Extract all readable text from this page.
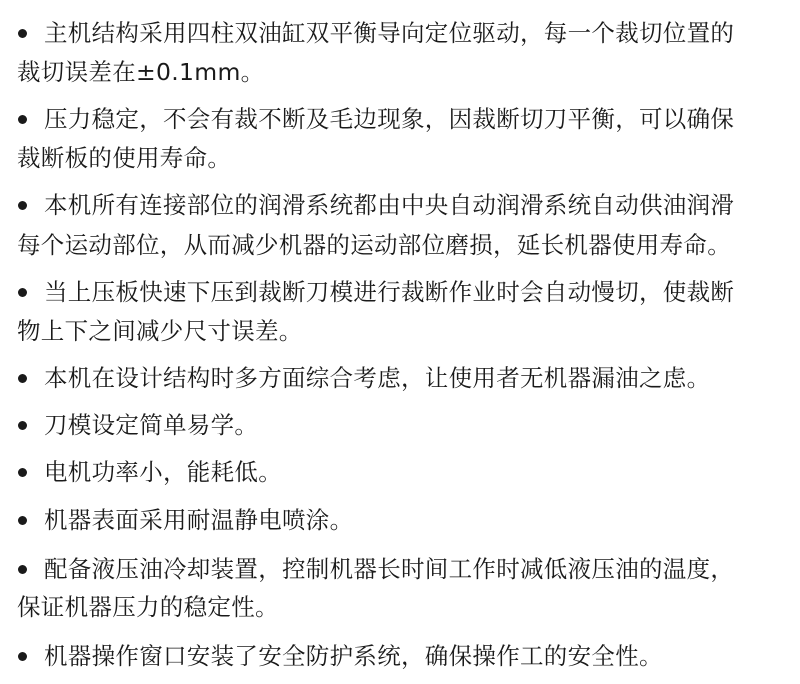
主机结构采用四柱双油缸双平衡导向定位驱动，每一个裁切位置的
裁切误差在±0.1mm。
压力稳定，不会有裁不断及毛边现象，因裁断切刀平衡，可以确保
裁断板的使用寿命。
本机所有连接部位的润滑系统都由中央自动润滑系统自动供油润滑
每个运动部位，从而减少机器的运动部位磨损，延长机器使用寿命。
当上压板快速下压到裁断刀模进行裁断作业时会自动慢切，使裁断
物上下之间减少尺寸误差。
本机在设计结构时多方面综合考虑，让使用者无机器漏油之虑。
刀模设定简单易学。
电机功率小，能耗低。
机器表面采用耐温静电喷涂。
配备液压油冷却装置，控制机器长时间工作时减低液压油的温度，
保证机器压力的稳定性。
机器操作窗口安装了安全防护系统，确保操作工的安全性。
